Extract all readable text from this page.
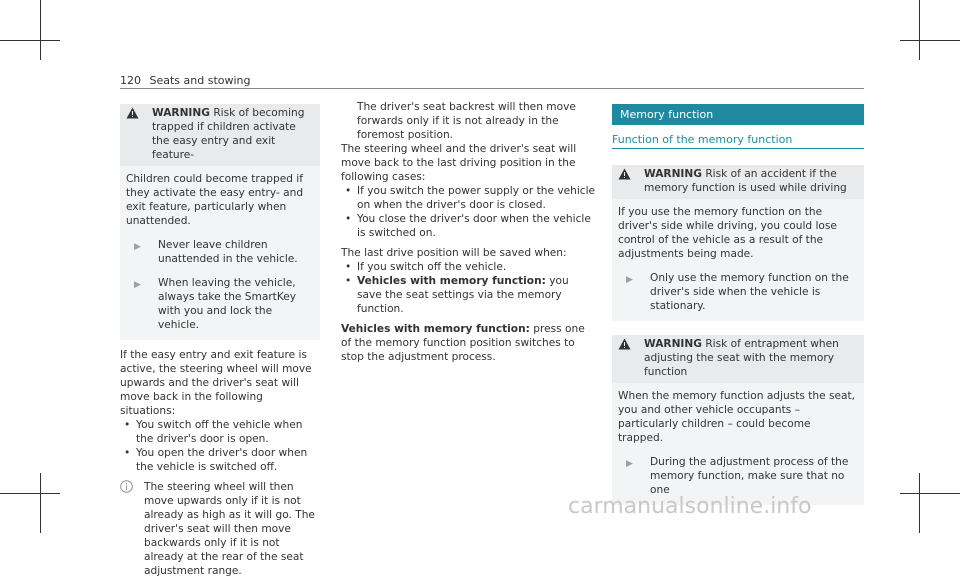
120 Seats and stowing

WARNING Risk of becoming trapped if children activate the easy entry and exit feature-

Children could become trapped if they activate the easy entry- and exit feature, particularly when unattended.

▶	Never leave children unattended in the vehicle.

▶	When leaving the vehicle, always take the SmartKey with you and lock the vehicle.

If the easy entry and exit feature is active, the steering wheel will move upwards and the driver's seat will move back in the following situations:

• You switch off the vehicle when the driver's door is open.

• You open the driver's door when the vehicle is switched off.

The steering wheel will then move upwards only if it is not already as high as it will go. The driver's seat will then move backwards only if it is not already at the rear of the seat adjustment range.

The driver's seat backrest will then move forwards only if it is not already in the foremost position.

The steering wheel and the driver's seat will move back to the last driving position in the following cases:

• If you switch the power supply or the vehicle on when the driver's door is closed.

• You close the driver's door when the vehicle is switched on.

The last drive position will be saved when:

• If you switch off the vehicle.

• Vehicles with memory function: you save the seat settings via the memory function.

Vehicles with memory function: press one of the memory function position switches to stop the adjustment process.

Memory function
Function of the memory function

WARNING Risk of an accident if the memory function is used while driving

If you use the memory function on the driver's side while driving, you could lose control of the vehicle as a result of the adjustments being made.

▶	Only use the memory function on the driver's side when the vehicle is stationary.

WARNING Risk of entrapment when adjusting the seat with the memory function

When the memory function adjusts the seat, you and other vehicle occupants – particularly children – could become trapped.

▶	During the adjustment process of the memory function, make sure that no one

carmanualsonline.info
